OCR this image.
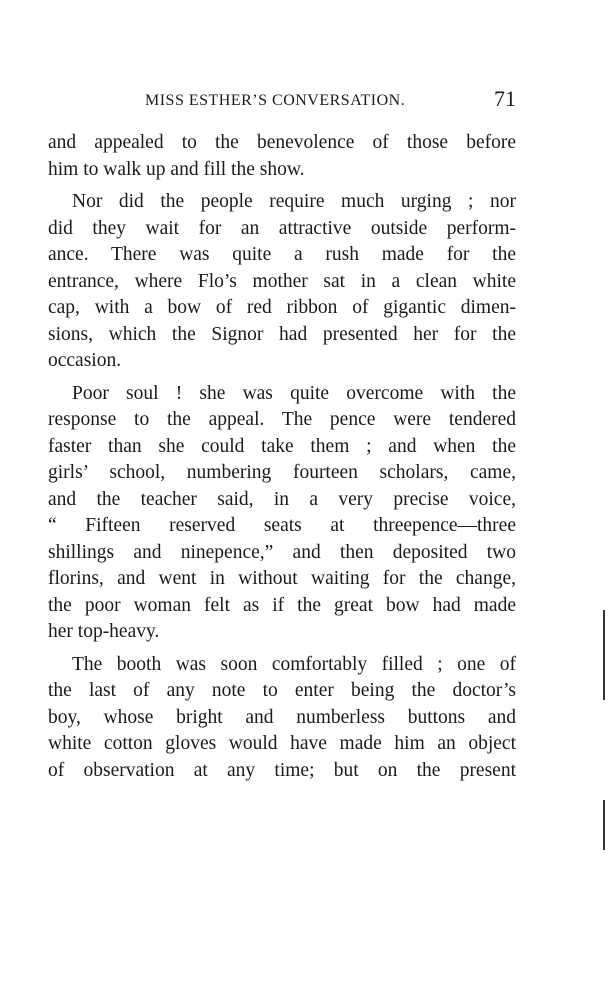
MISS ESTHER’S CONVERSATION.	71
and appealed to the benevolence of those before
him to walk up and fill the show.
Nor did the people require much urging ; nor
did they wait for an attractive outside perform-
ance. There was quite a rush made for the
entrance, where Flo’s mother sat in a clean white
cap, with a bow of red ribbon of gigantic dimen-
sions, which the Signor had presented her for the
occasion.
Poor soul ! she was quite overcome with the
response to the appeal. The pence were tendered
faster than she could take them ; and when the
girls’ school, numbering fourteen scholars, came,
and the teacher said, in a very precise voice,
“ Fifteen reserved seats at threepence—three
shillings and ninepence,” and then deposited two
florins, and went in without waiting for the change,
the poor woman felt as if the great bow had made
her top-heavy.
The booth was soon comfortably filled ; one of
the last of any note to enter being the doctor’s
boy, whose bright and numberless buttons and
white cotton gloves would have made him an object
of observation at any time; but on the present
